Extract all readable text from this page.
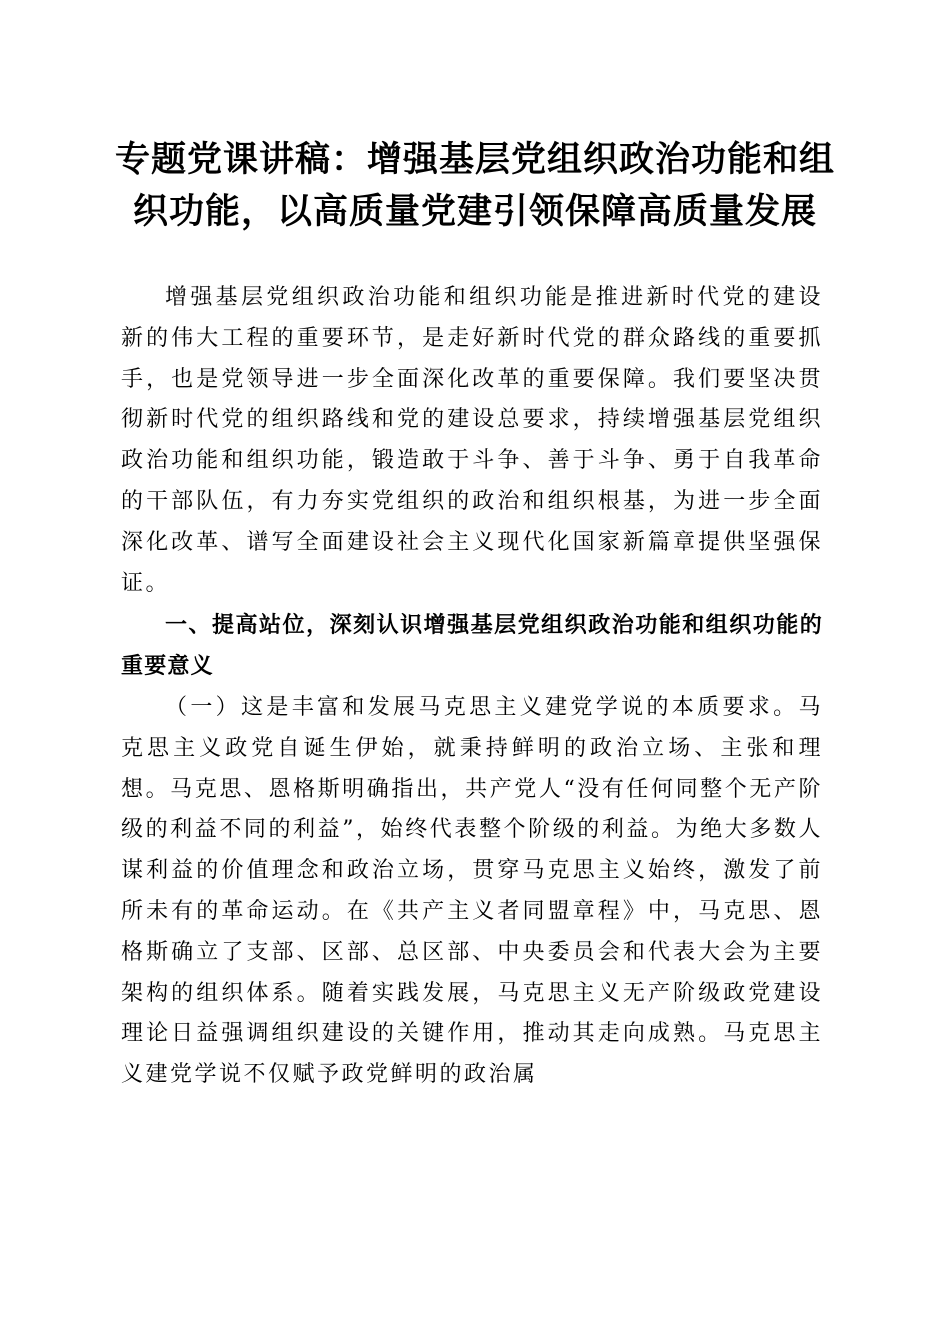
专题党课讲稿：增强基层党组织政治功能和组织功能，以高质量党建引领保障高质量发展

增强基层党组织政治功能和组织功能是推进新时代党的建设新的伟大工程的重要环节，是走好新时代党的群众路线的重要抓手，也是党领导进一步全面深化改革的重要保障。我们要坚决贯彻新时代党的组织路线和党的建设总要求，持续增强基层党组织政治功能和组织功能，锻造敢于斗争、善于斗争、勇于自我革命的干部队伍，有力夯实党组织的政治和组织根基，为进一步全面深化改革、谱写全面建设社会主义现代化国家新篇章提供坚强保证。

一、提高站位，深刻认识增强基层党组织政治功能和组织功能的重要意义

（一）这是丰富和发展马克思主义建党学说的本质要求。马克思主义政党自诞生伊始，就秉持鲜明的政治立场、主张和理想。马克思、恩格斯明确指出，共产党人“没有任何同整个无产阶级的利益不同的利益”，始终代表整个阶级的利益。为绝大多数人谋利益的价值理念和政治立场，贯穿马克思主义始终，激发了前所未有的革命运动。在《共产主义者同盟章程》中，马克思、恩格斯确立了支部、区部、总区部、中央委员会和代表大会为主要架构的组织体系。随着实践发展，马克思主义无产阶级政党建设理论日益强调组织建设的关键作用，推动其走向成熟。马克思主义建党学说不仅赋予政党鲜明的政治属
